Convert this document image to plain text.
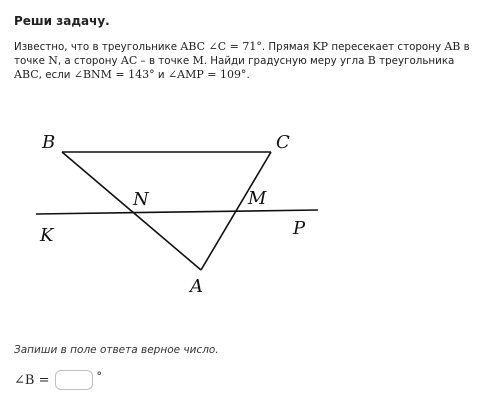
Реши задачу.
Известно, что в треугольнике ABC ∠C = 71°. Прямая KP пересекает сторону AB в точке N, а сторону AC – в точке M. Найди градусную меру угла B треугольника ABC, если ∠BNM = 143° и ∠AMP = 109°.
B	C
N	M
K	P
A
Запиши в поле ответа верное число.
∠B =	°
